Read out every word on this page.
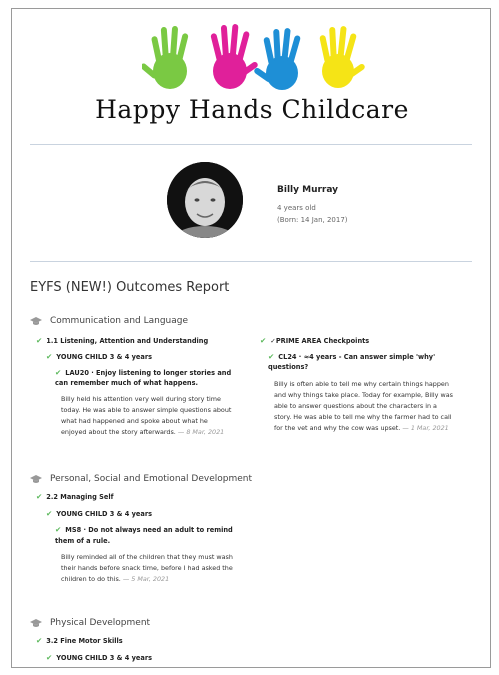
Happy Hands Childcare
Billy Murray
4 years old
(Born: 14 Jan, 2017)
EYFS (NEW!) Outcomes Report
Communication and Language
✔ 1.1 Listening, Attention and Understanding
✔ YOUNG CHILD 3 & 4 years
✔ LAU20 · Enjoy listening to longer stories and
can remember much of what happens.
Billy held his attention very well during story time
today. He was able to answer simple questions about
what had happened and spoke about what he
enjoyed about the story afterwards. — 8 Mar, 2021
✔ ✓PRIME AREA Checkpoints
✔ CL24 · ≈4 years - Can answer simple 'why'
questions?
Billy is often able to tell me why certain things happen
and why things take place. Today for example, Billy was
able to answer questions about the characters in a
story. He was able to tell me why the farmer had to call
for the vet and why the cow was upset. — 1 Mar, 2021
Personal, Social and Emotional Development
✔ 2.2 Managing Self
✔ YOUNG CHILD 3 & 4 years
✔ MS8 · Do not always need an adult to remind
them of a rule.
Billy reminded all of the children that they must wash
their hands before snack time, before I had asked the
children to do this. — 5 Mar, 2021
Physical Development
✔ 3.2 Fine Motor Skills
✔ YOUNG CHILD 3 & 4 years
